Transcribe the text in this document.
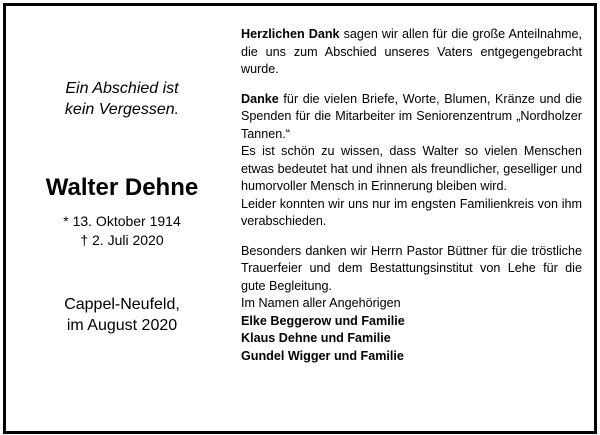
Ein Abschied ist
kein Vergessen.
Walter Dehne
* 13. Oktober 1914
† 2. Juli 2020
Cappel-Neufeld,
im August 2020

Herzlichen Dank sagen wir allen für die große Anteilnahme, die uns zum Abschied unseres Vaters entgegengebracht wurde.

Danke für die vielen Briefe, Worte, Blumen, Kränze und die Spenden für die Mitarbeiter im Seniorenzentrum „Nordholzer Tannen.“

Es ist schön zu wissen, dass Walter so vielen Menschen etwas bedeutet hat und ihnen als freundlicher, geselliger und humorvoller Mensch in Erinnerung bleiben wird.

Leider konnten wir uns nur im engsten Familienkreis von ihm verabschieden.

Besonders danken wir Herrn Pastor Büttner für die tröstliche Trauerfeier und dem Bestattungsinstitut von Lehe für die gute Begleitung.

Im Namen aller Angehörigen

Elke Beggerow und Familie

Klaus Dehne und Familie

Gundel Wigger und Familie
